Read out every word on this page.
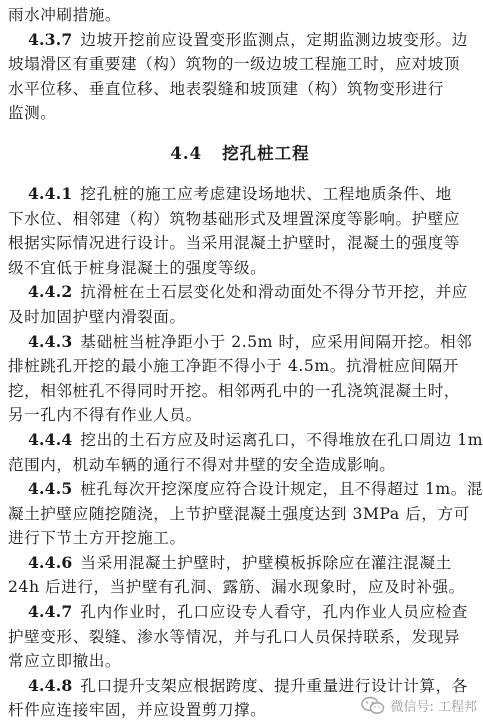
雨水冲刷措施。
4.3.7 边坡开挖前应设置变形监测点，定期监测边坡变形。边
坡塌滑区有重要建（构）筑物的一级边坡工程施工时，应对坡顶
水平位移、垂直位移、地表裂缝和坡顶建（构）筑物变形进行
监测。
4.4 挖孔桩工程
4.4.1 挖孔桩的施工应考虑建设场地状、工程地质条件、地
下水位、相邻建（构）筑物基础形式及埋置深度等影响。护壁应
根据实际情况进行设计。当采用混凝土护壁时，混凝土的强度等
级不宜低于桩身混凝土的强度等级。
4.4.2 抗滑桩在土石层变化处和滑动面处不得分节开挖，并应
及时加固护壁内滑裂面。
4.4.3 基础桩当桩净距小于 2.5m 时，应采用间隔开挖。相邻
排桩跳孔开挖的最小施工净距不得小于 4.5m。抗滑桩应间隔开
挖，相邻桩孔不得同时开挖。相邻两孔中的一孔浇筑混凝土时，
另一孔内不得有作业人员。
4.4.4 挖出的土石方应及时运离孔口，不得堆放在孔口周边 1m
范围内，机动车辆的通行不得对井壁的安全造成影响。
4.4.5 桩孔每次开挖深度应符合设计规定，且不得超过 1m。混
凝土护壁应随挖随浇，上节护壁混凝土强度达到 3MPa 后，方可
进行下节土方开挖施工。
4.4.6 当采用混凝土护壁时，护壁模板拆除应在灌注混凝土
24h 后进行，当护壁有孔洞、露筋、漏水现象时，应及时补强。
4.4.7 孔内作业时，孔口应设专人看守，孔内作业人员应检查
护壁变形、裂缝、渗水等情况，并与孔口人员保持联系，发现异
常应立即撤出。
4.4.8 孔口提升支架应根据跨度、提升重量进行设计计算，各
杆件应连接牢固，并应设置剪刀撑。	微信号: 工程邦
